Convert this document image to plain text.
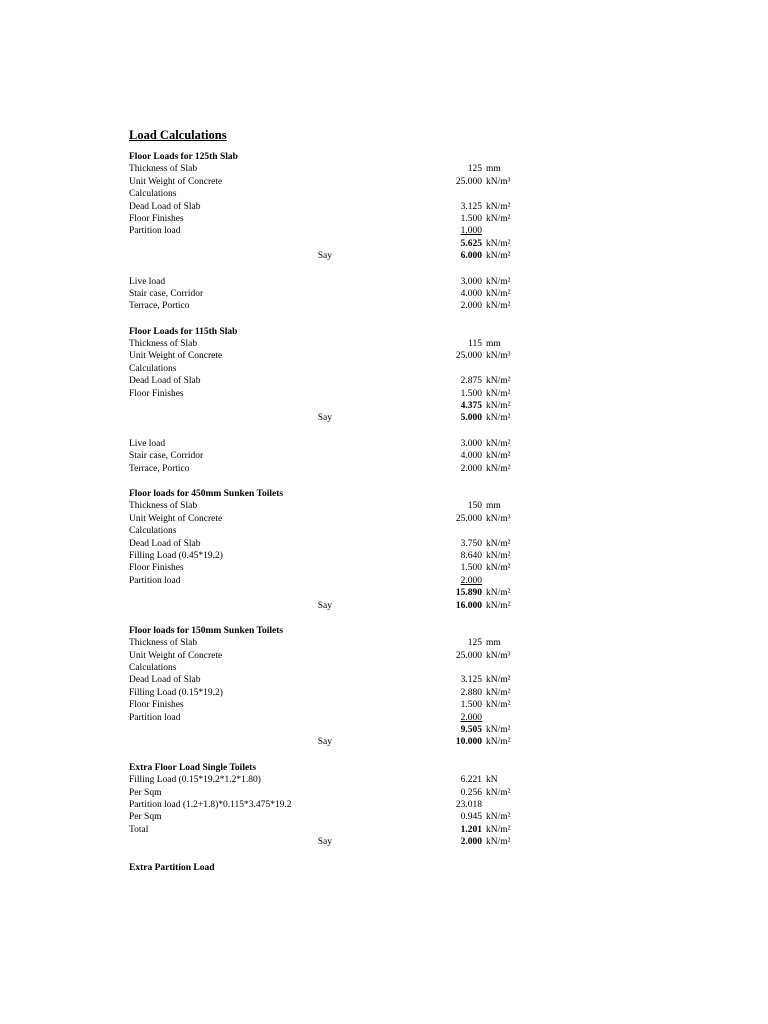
Load Calculations
Floor Loads for 125th Slab
Thickness of Slab	125 mm
Unit Weight of Concrete	25.000 kN/m³
Calculations
Dead Load of Slab	3.125 kN/m²
Floor Finishes	1.500 kN/m²
Partition load	1.000
5.625 kN/m²
Say	6.000 kN/m²
Live load	3.000 kN/m²
Stair case, Corridor	4.000 kN/m²
Terrace, Portico	2.000 kN/m²
Floor Loads for 115th Slab
Thickness of Slab	115 mm
Unit Weight of Concrete	25.000 kN/m³
Calculations
Dead Load of Slab	2.875 kN/m²
Floor Finishes	1.500 kN/m²
4.375 kN/m²
Say	5.000 kN/m²
Live load	3.000 kN/m²
Stair case, Corridor	4.000 kN/m²
Terrace, Portico	2.000 kN/m²
Floor loads for 450mm Sunken Toilets
Thickness of Slab	150 mm
Unit Weight of Concrete	25.000 kN/m³
Calculations
Dead Load of Slab	3.750 kN/m²
Filling Load (0.45*19.2)	8.640 kN/m²
Floor Finishes	1.500 kN/m²
Partition load	2.000
15.890 kN/m²
Say	16.000 kN/m²
Floor loads for 150mm Sunken Toilets
Thickness of Slab	125 mm
Unit Weight of Concrete	25.000 kN/m³
Calculations
Dead Load of Slab	3.125 kN/m²
Filling Load (0.15*19.2)	2.880 kN/m²
Floor Finishes	1.500 kN/m²
Partition load	2.000
9.505 kN/m²
Say	10.000 kN/m²
Extra Floor Load Single Toilets
Filling Load (0.15*19.2*1.2*1.80)	6.221 kN
Per Sqm	0.256 kN/m²
Partition load (1.2+1.8)*0.115*3.475*19.2	23.018
Per Sqm	0.945 kN/m²
Total	1.201 kN/m²
Say	2.000 kN/m²
Extra Partition Load
